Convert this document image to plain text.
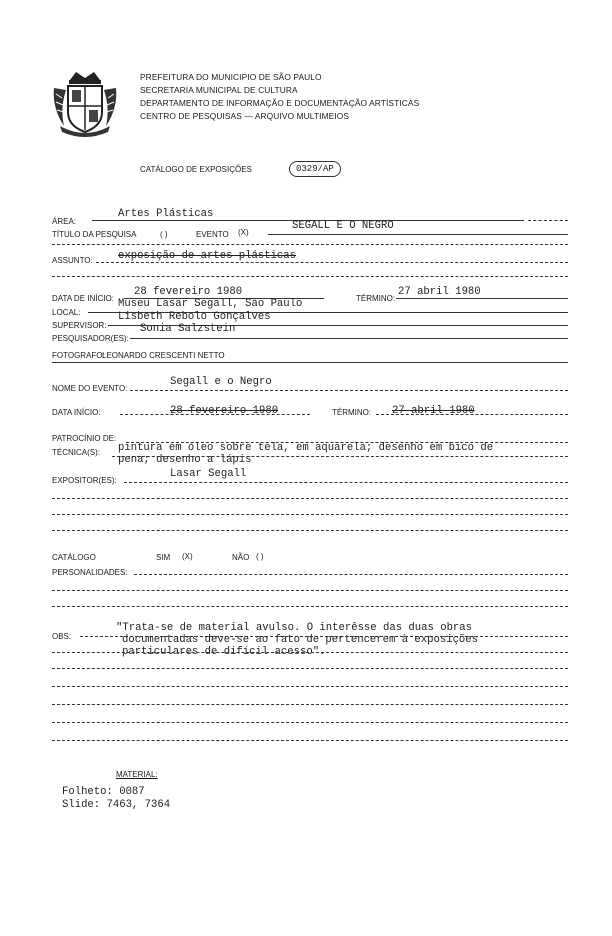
PREFEITURA DO MUNICIPIO DE SÃO PAULO
SECRETARIA MUNICIPAL DE CULTURA
DEPARTAMENTO DE INFORMAÇÃO E DOCUMENTAÇÃO ARTÍSTICAS
CENTRO DE PESQUISAS — ARQUIVO MULTIMEIOS
CATÁLOGO DE EXPOSIÇÕES	0329/AP
ÁREA:
Artes Plásticas
TÍTULO DA PESQUISA	( )	EVENTO (X)
SEGALL E O NEGRO
ASSUNTO: exposição de artes plásticas
DATA DE INÍCIO:
28 fevereiro 1980
TÉRMINO:
27 abril 1980
LOCAL:
Museu Lasar Segall, São Paulo
SUPERVISOR:
Lisbeth Rebolo Gonçalves
PESQUISADOR(ES):
Sonia Salzstein
FOTOGRAFO:
LEONARDO CRESCENTI NETTO
NOME DO EVENTO:
Segall e o Negro
DATA INÍCIO:	28 fevereiro 1980	TÉRMINO: 27 abril 1980
PATROCÍNIO DE:
TÉCNICA(S): pintura em óleo sobre tela, em aquarela; desenho em bico de
pena; desenho a lápis
EXPOSITOR(ES):
Lasar Segall
CATÁLOGO	SIM (X)	NÃO ( )
PERSONALIDADES:
OBS:
"Trata-se de material avulso. O interêsse das duas obras
documentadas deve-se ao fato de pertencerem à exposições
particulares de difícil acesso".
MATERIAL:
Folheto: 0087
Slide: 7463, 7364
